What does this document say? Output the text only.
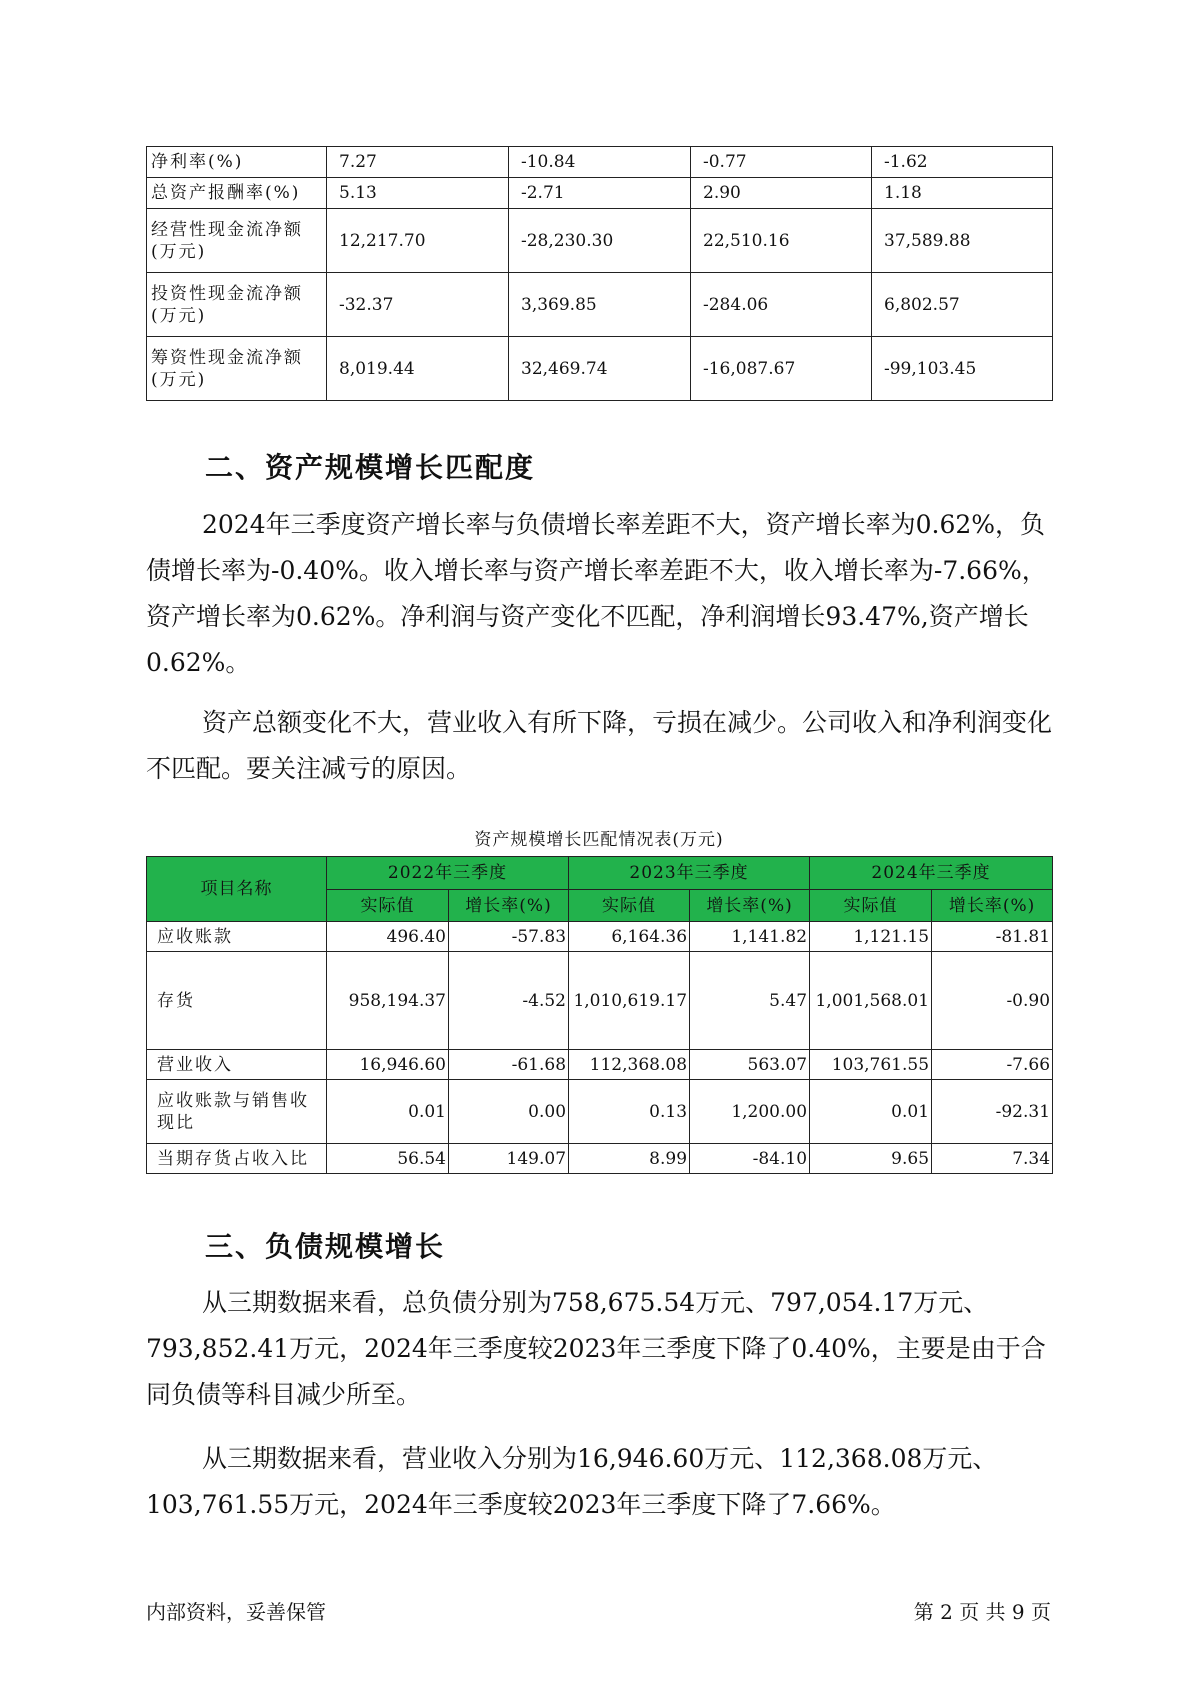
净利率(%)	7.27	-10.84	-0.77	-1.62
总资产报酬率(%)	5.13	-2.71	2.90	1.18
经营性现金流净额(万元)	12,217.70	-28,230.30	22,510.16	37,589.88
投资性现金流净额(万元)	-32.37	3,369.85	-284.06	6,802.57
筹资性现金流净额(万元)	8,019.44	32,469.74	-16,087.67	-99,103.45
二、资产规模增长匹配度

2024年三季度资产增长率与负债增长率差距不大，资产增长率为0.62%，负债增长率为-0.40%。收入增长率与资产增长率差距不大，收入增长率为-7.66%，资产增长率为0.62%。净利润与资产变化不匹配，净利润增长93.47%,资产增长0.62%。

资产总额变化不大，营业收入有所下降，亏损在减少。公司收入和净利润变化不匹配。要关注减亏的原因。

资产规模增长匹配情况表(万元)
项目名称	2022年三季度		2023年三季度		2024年三季度	
	实际值	增长率(%)	实际值	增长率(%)	实际值	增长率(%)
应收账款	496.40	-57.83	6,164.36	1,141.82	1,121.15	-81.81
存货	958,194.37	-4.52	1,010,619.17	5.47	1,001,568.01	-0.90
营业收入	16,946.60	-61.68	112,368.08	563.07	103,761.55	-7.66
应收账款与销售收现比	0.01	0.00	0.13	1,200.00	0.01	-92.31
当期存货占收入比	56.54	149.07	8.99	-84.10	9.65	7.34
三、负债规模增长

从三期数据来看，总负债分别为758,675.54万元、797,054.17万元、793,852.41万元，2024年三季度较2023年三季度下降了0.40%，主要是由于合同负债等科目减少所至。

从三期数据来看，营业收入分别为16,946.60万元、112,368.08万元、103,761.55万元，2024年三季度较2023年三季度下降了7.66%。

内部资料，妥善保管	第 2 页 共 9 页
